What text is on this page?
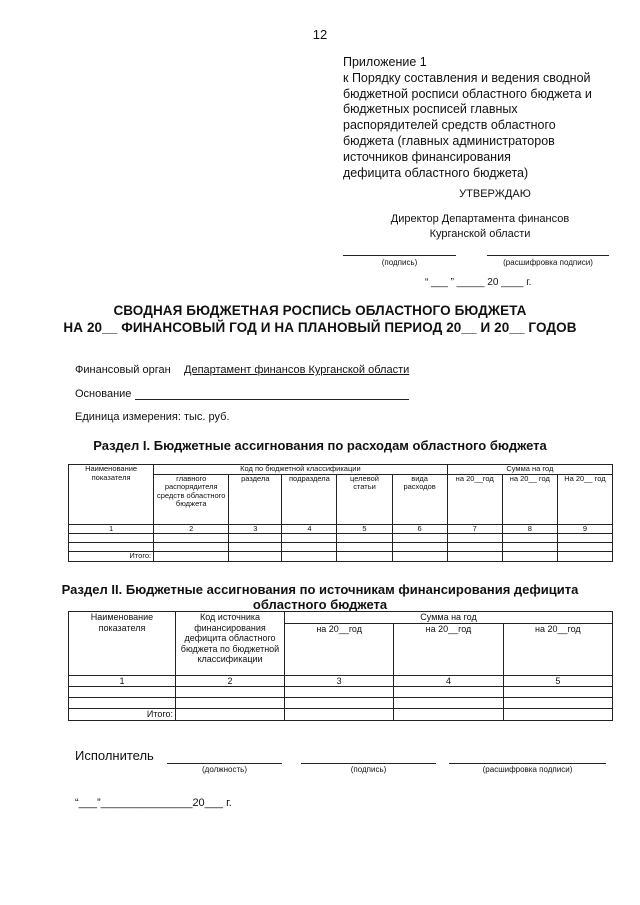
12
Приложение 1
к Порядку составления и ведения сводной
бюджетной росписи областного бюджета и
бюджетных росписей главных
распорядителей средств областного
бюджета (главных администраторов
источников финансирования
дефицита областного бюджета)
УТВЕРЖДАЮ
Директор Департамента финансов
Курганской области
(подпись)	(расшифровка подписи)
“ ___ ” _____ 20 ____ г.
СВОДНАЯ БЮДЖЕТНАЯ РОСПИСЬ ОБЛАСТНОГО БЮДЖЕТА
НА 20__ ФИНАНСОВЫЙ ГОД И НА ПЛАНОВЫЙ ПЕРИОД 20__ И 20__ ГОДОВ
Финансовый орган Департамент финансов Курганской области
Основание
Единица измерения: тыс. руб.
Раздел I. Бюджетные ассигнования по расходам областного бюджета
Наименование показателя	Код по бюджетной классификации					Сумма на год		
	главного распорядителя средств областного бюджета	раздела	подраздела	целевой статьи	вида расходов	на 20__год	на 20__ год	На 20__ год
1	2	3	4	5	6	7	8	9

Итого:								
Раздел II. Бюджетные ассигнования по источникам финансирования дефицита
областного бюджета
Наименование показателя	Код источника финансирования дефицита областного бюджета по бюджетной классификации	Сумма на год		
		на 20__год	на 20__год	на 20__год
1	2	3	4	5

Итого:				
Исполнитель
(должность)	(подпись)	(расшифровка подписи)
“___”_______________20___ г.
